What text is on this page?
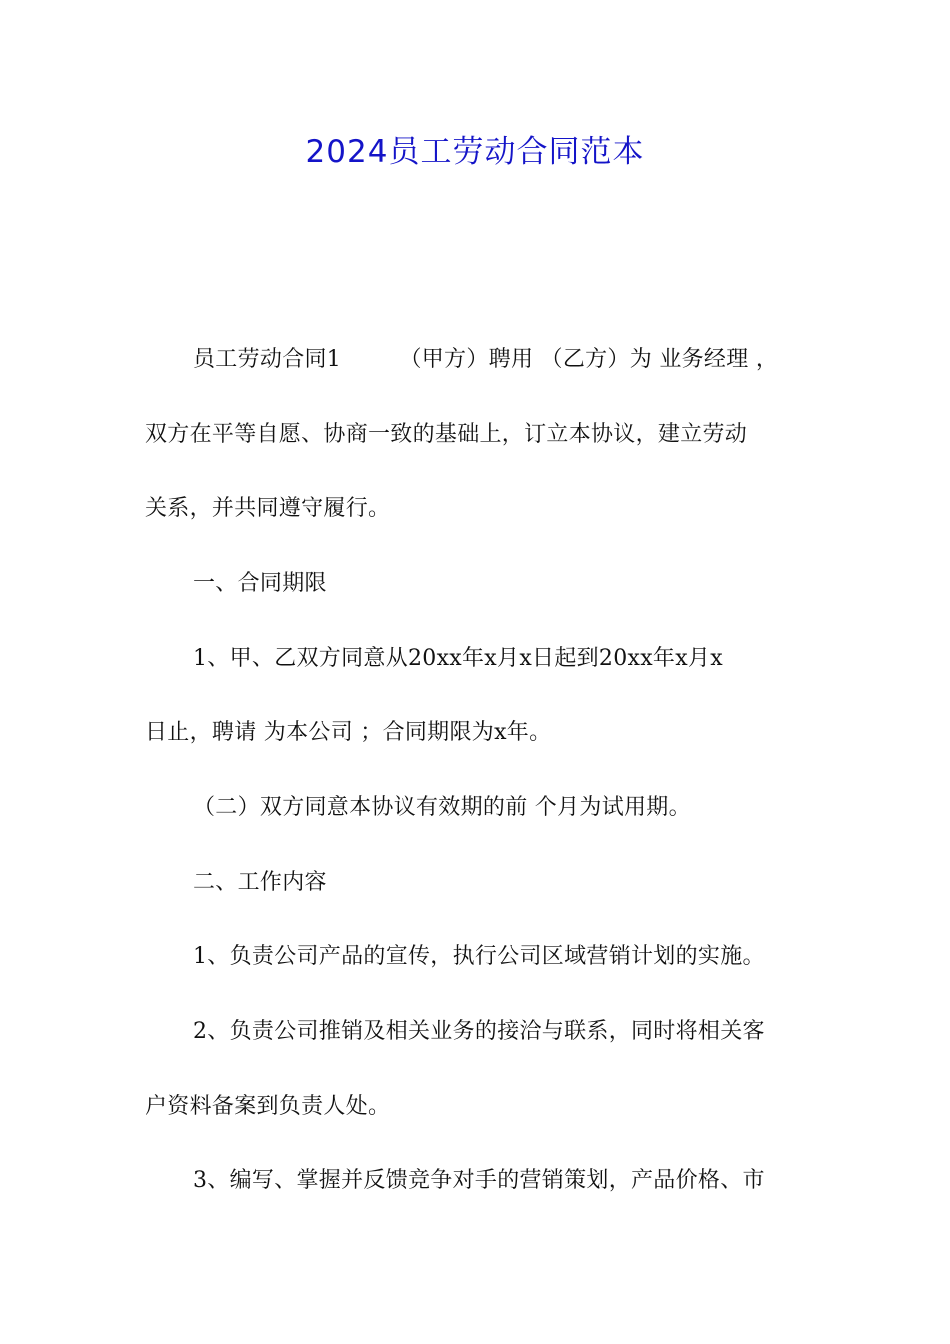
2024员工劳动合同范本
员工劳动合同1        （甲方）聘用 （乙方）为 业务经理 ，
双方在平等自愿、协商一致的基础上，订立本协议，建立劳动
关系，并共同遵守履行。
一、合同期限
1、甲、乙双方同意从20xx年x月x日起到20xx年x月x
日止，聘请 为本公司 ；合同期限为x年。
（二）双方同意本协议有效期的前 个月为试用期。
二、工作内容
1、负责公司产品的宣传，执行公司区域营销计划的实施。
2、负责公司推销及相关业务的接洽与联系，同时将相关客
户资料备案到负责人处。
3、编写、掌握并反馈竞争对手的营销策划，产品价格、市
